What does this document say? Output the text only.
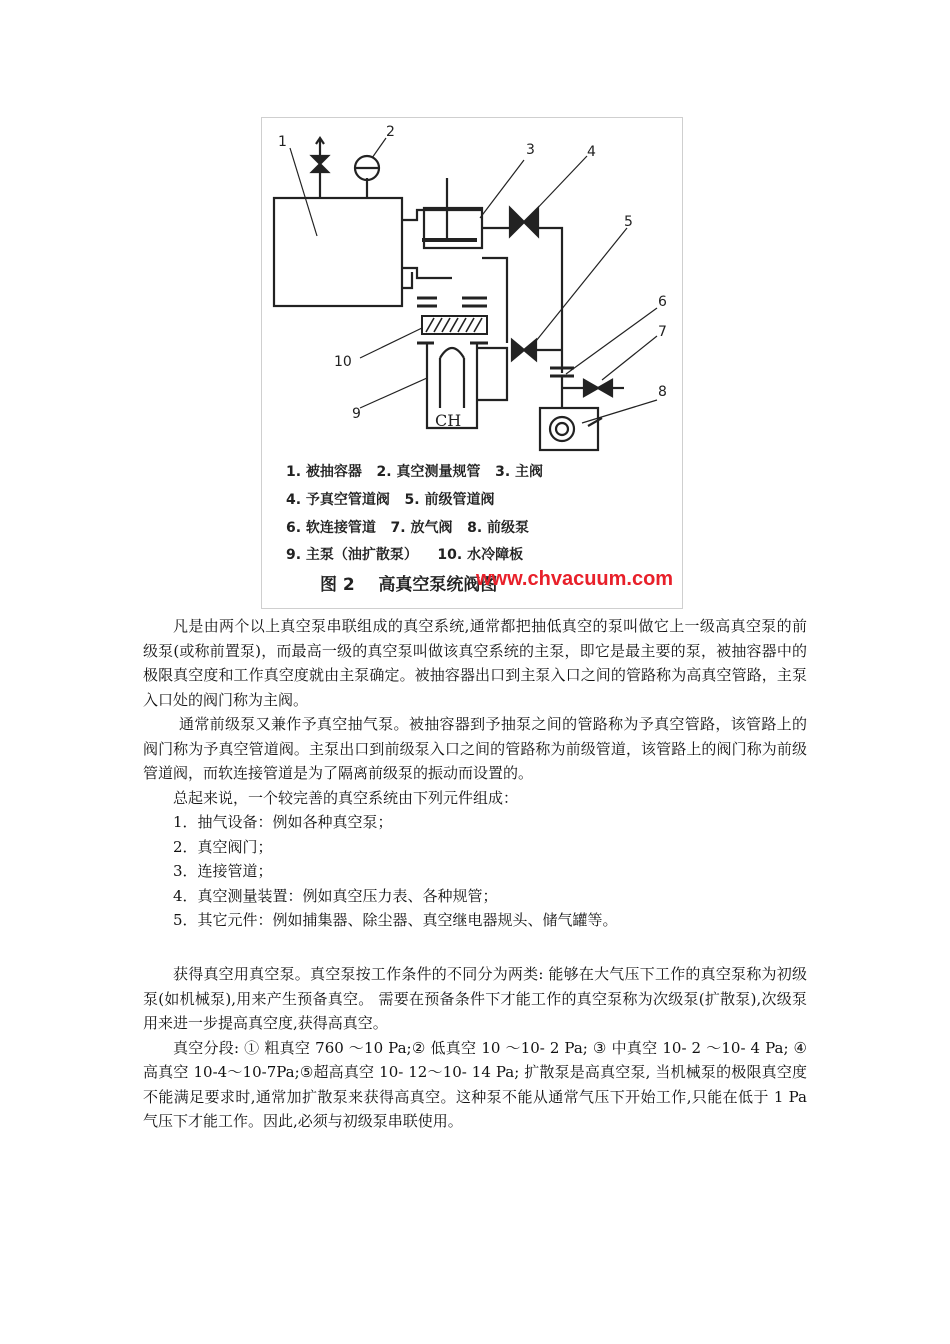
1
2
3	4
5
6
7
8
9
10
CH
1. 被抽容器   2. 真空测量规管   3. 主阀
4. 予真空管道阀   5. 前级管道阀
6. 软连接管道   7. 放气阀   8. 前级泵
9. 主泵（油扩散泵）    10. 水冷障板
图 2    高真空泵统阀图
www.chvacuum.com

凡是由两个以上真空泵串联组成的真空系统,通常都把抽低真空的泵叫做它上一级高真空泵的前级泵(或称前置泵)，而最高一级的真空泵叫做该真空系统的主泵，即它是最主要的泵，被抽容器中的极限真空度和工作真空度就由主泵确定。被抽容器出口到主泵入口之间的管路称为高真空管路，主泵入口处的阀门称为主阀。

通常前级泵又兼作予真空抽气泵。被抽容器到予抽泵之间的管路称为予真空管路，该管路上的阀门称为予真空管道阀。主泵出口到前级泵入口之间的管路称为前级管道，该管路上的阀门称为前级管道阀，而软连接管道是为了隔离前级泵的振动而设置的。

总起来说，一个较完善的真空系统由下列元件组成：

1．抽气设备：例如各种真空泵；

2．真空阀门；

3．连接管道；

4．真空测量装置：例如真空压力表、各种规管；

5．其它元件：例如捕集器、除尘器、真空继电器规头、储气罐等。

获得真空用真空泵。真空泵按工作条件的不同分为两类: 能够在大气压下工作的真空泵称为初级泵(如机械泵),用来产生预备真空。 需要在预备条件下才能工作的真空泵称为次级泵(扩散泵),次级泵用来进一步提高真空度,获得高真空。

真空分段: ① 粗真空 760 ～10 Pa;② 低真空 10 ～10- 2 Pa; ③ 中真空 10- 2 ～10- 4 Pa; ④ 高真空 10-4～10-7Pa;⑤超高真空 10- 12～10- 14 Pa; 扩散泵是高真空泵, 当机械泵的极限真空度不能满足要求时,通常加扩散泵来获得高真空。这种泵不能从通常气压下开始工作,只能在低于 1 Pa 气压下才能工作。因此,必须与初级泵串联使用。
